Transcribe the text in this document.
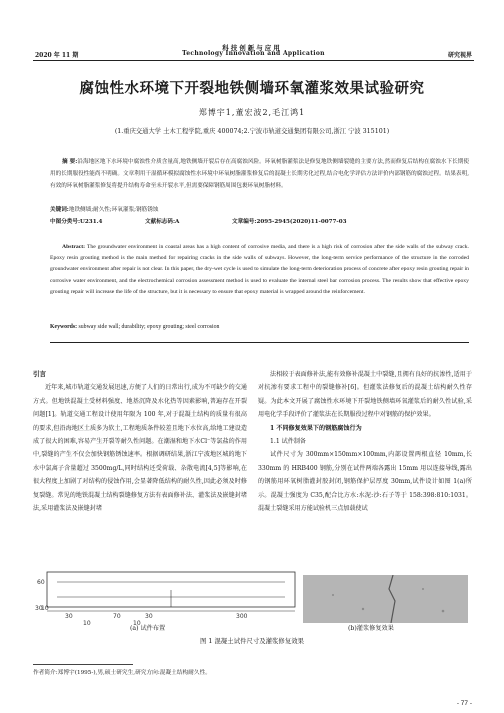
科技创新与应用
2020 年 11 期	Technology Innovation and Application	研究视界
腐蚀性水环境下开裂地铁侧墙环氧灌浆效果试验研究
郑博宇1,董宏波2,毛江鸿1
(1.重庆交通大学 土木工程学院,重庆 400074;2.宁波市轨道交通集团有限公司,浙江 宁波 315101)
摘 要:沿海地区地下水环境中腐蚀性介质含量高,地铁侧墙开裂后存在高腐蚀风险。环氧树脂灌浆法是修复地铁侧墙裂缝的主要方法,然而修复后结构在腐蚀水下长期使用的长期服役性能尚不明确。文章利用干湿循环模拟腐蚀性水环境中环氧树脂灌浆修复后的混凝土长期劣化过程,结合电化学评估方法评价内部钢筋的腐蚀过程。结果表明,有效的环氧树脂灌浆修复将提升结构寿命至未开裂水平,但需要保障钢筋周围包裹环氧树脂材料。
关键词:地铁侧墙;耐久性;环氧灌浆;钢筋锈蚀
中图分类号:U231.4	文献标志码:A	文章编号:2095-2945(2020)11-0077-03
Abstract: The groundwater environment in coastal areas has a high content of corrosive media, and there is a high risk of corrosion after the side walls of the subway crack. Epoxy resin grouting method is the main method for repairing cracks in the side walls of subways. However, the long-term service performance of the structure in the corroded groundwater environment after repair is not clear. In this paper, the dry-wet cycle is used to simulate the long-term deterioration process of concrete after epoxy resin grouting repair in corrosive water environment, and the electrochemical corrosion assessment method is used to evaluate the internal steel bar corrosion process. The results show that effective epoxy grouting repair will increase the life of the structure, but it is necessary to ensure that epoxy material is wrapped around the reinforcement.
Keywords: subway side wall; durability; epoxy grouting; steel corrosion
引言
近年来,城市轨道交通发展迅速,方便了人们的日常出行,成为不可缺少的交通方式。但地铁混凝土受材料强度、地基沉降及水化热等因素影响,普遍存在开裂问题[1]。轨道交通工程设计使用年限为 100 年,对于混凝土结构的质量有很高的要求,但沿海地区土质多为软土,工程地质条件较差且地下水位高,给地工建设造成了很大的困难,容易产生开裂等耐久性问题。在潮湿和地下水Cl⁻等氯盐的作用中,裂缝的产生不仅会加快钢筋锈蚀速率。根据调研结果,浙江宁波地区城的地下水中氯离子含量超过 3500mg/L,同时结构还受荷载、杂散电流[4,5]等影响,在很大程度上加剧了对结构的侵蚀作用,会显著降低结构的耐久性,因此必须及时修复裂缝。常见的地铁混凝土结构裂缝修复方法有表面修补法、灌浆法及嵌缝封堵法,采用灌浆法及嵌缝封堵
法相较于表面修补法,能有效修补混凝土中裂缝,且拥有良好的抗渗性,适用于对抗渗有要求工程中的裂缝修补[6]。但灌浆法修复后的混凝土结构耐久性存疑。为此本文开展了腐蚀性水环境下开裂地铁侧墙环氧灌浆后的耐久性试验,采用电化学手段评价了灌浆法在长期服役过程中对钢筋的保护效果。
1 不同修复效果下的钢筋腐蚀行为
1.1 试件制备
试件尺寸为 300mm×150mm×100mm,内部设置两根直径 10mm,长 330mm 的 HRB400 钢筋,分别在试件两端各露出 15mm 用以连接导线,露出的钢筋用环氧树脂灌封胶封闭,钢筋保护层厚度 30mm,试件设计如图 1(a)所示。混凝土强度为 C35,配合比方水:水泥:沙:石子等于 158:398:810:1031。混凝土裂缝采用方能试验机三点加载使试
60
30
10
30	70	30
10	10
300
(a) 试件布置	(b)灌浆修复效果
图 1 混凝土试件尺寸及灌浆修复效果
作者简介:郑博宇(1995-),男,硕士研究生,研究方向:混凝土结构耐久性。
- 77 -
